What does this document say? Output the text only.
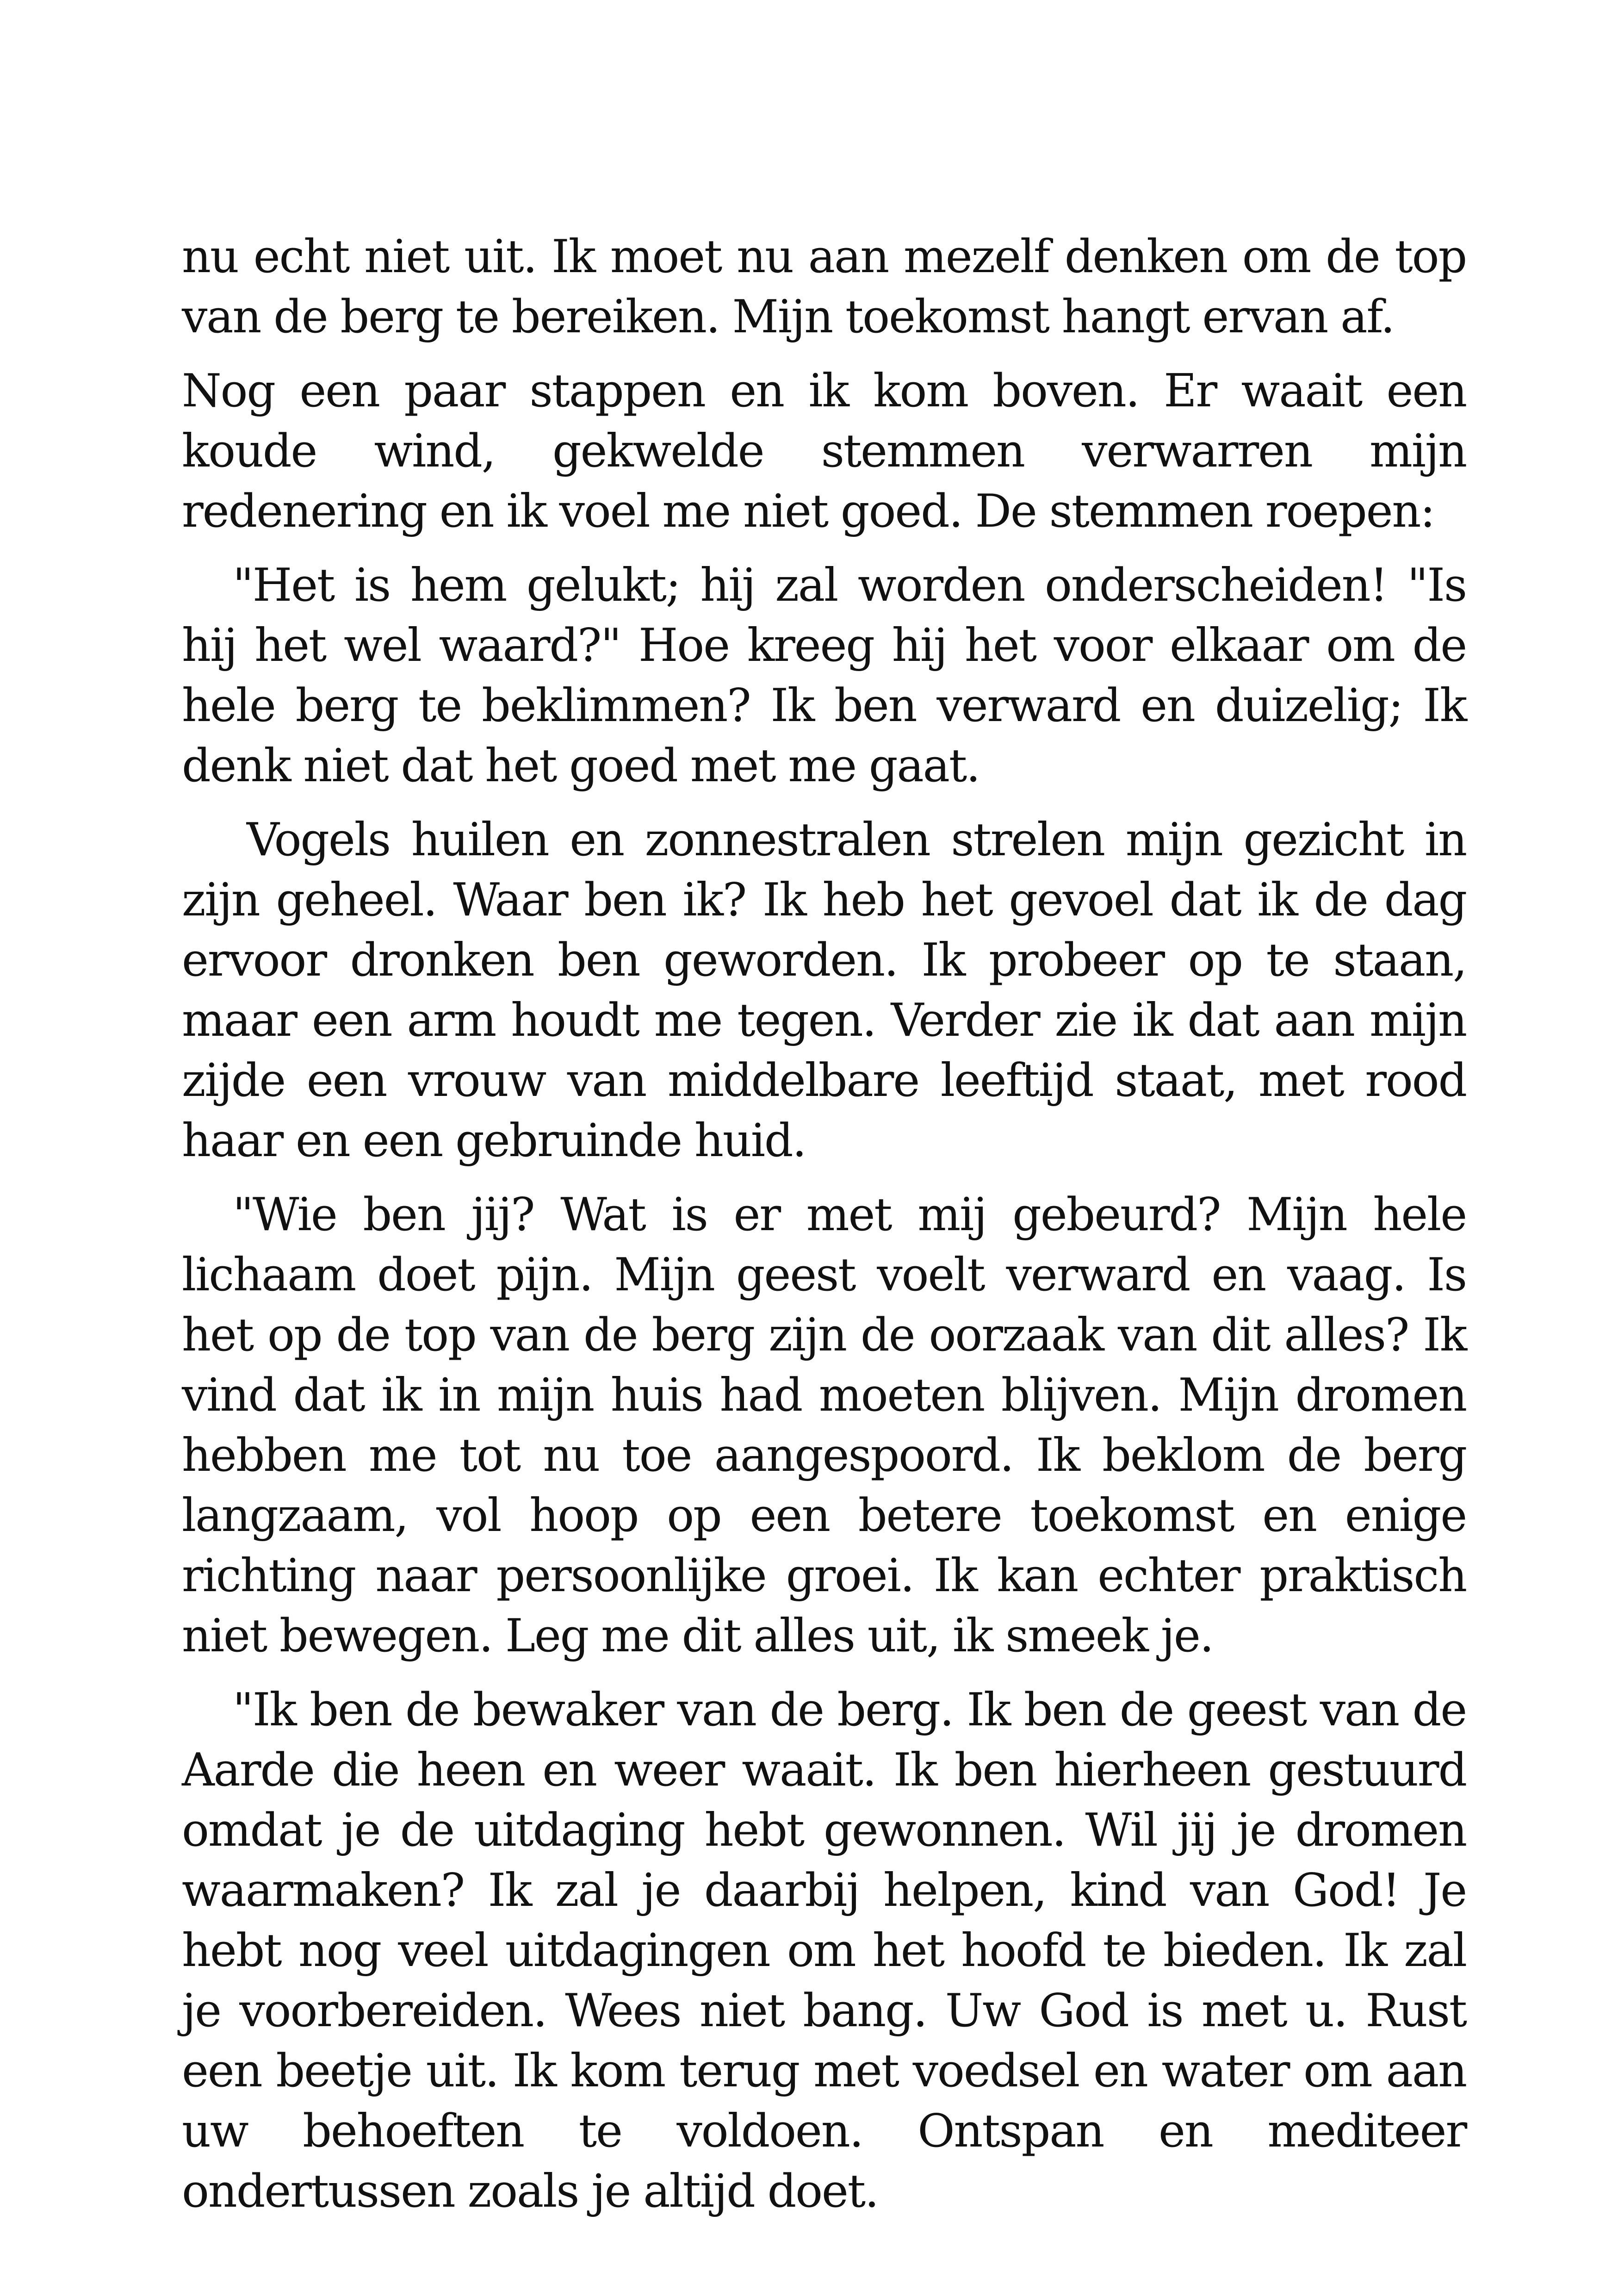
nu echt niet uit. Ik moet nu aan mezelf denken om de top van de berg te bereiken. Mijn toekomst hangt ervan af.

Nog een paar stappen en ik kom boven. Er waait een koude wind, gekwelde stemmen verwarren mijn redenering en ik voel me niet goed. De stemmen roepen:

"Het is hem gelukt; hij zal worden onderscheiden! "Is hij het wel waard?" Hoe kreeg hij het voor elkaar om de hele berg te beklimmen? Ik ben verward en duizelig; Ik denk niet dat het goed met me gaat.

Vogels huilen en zonnestralen strelen mijn gezicht in zijn geheel. Waar ben ik? Ik heb het gevoel dat ik de dag ervoor dronken ben geworden. Ik probeer op te staan, maar een arm houdt me tegen. Verder zie ik dat aan mijn zijde een vrouw van middelbare leeftijd staat, met rood haar en een gebruinde huid.

"Wie ben jij? Wat is er met mij gebeurd? Mijn hele lichaam doet pijn. Mijn geest voelt verward en vaag. Is het op de top van de berg zijn de oorzaak van dit alles? Ik vind dat ik in mijn huis had moeten blijven. Mijn dromen hebben me tot nu toe aangespoord. Ik beklom de berg langzaam, vol hoop op een betere toekomst en enige richting naar persoonlijke groei. Ik kan echter praktisch niet bewegen. Leg me dit alles uit, ik smeek je.

"Ik ben de bewaker van de berg. Ik ben de geest van de Aarde die heen en weer waait. Ik ben hierheen gestuurd omdat je de uitdaging hebt gewonnen. Wil jij je dromen waarmaken? Ik zal je daarbij helpen, kind van God! Je hebt nog veel uitdagingen om het hoofd te bieden. Ik zal je voorbereiden. Wees niet bang. Uw God is met u. Rust een beetje uit. Ik kom terug met voedsel en water om aan uw behoeften te voldoen. Ontspan en mediteer ondertussen zoals je altijd doet.
